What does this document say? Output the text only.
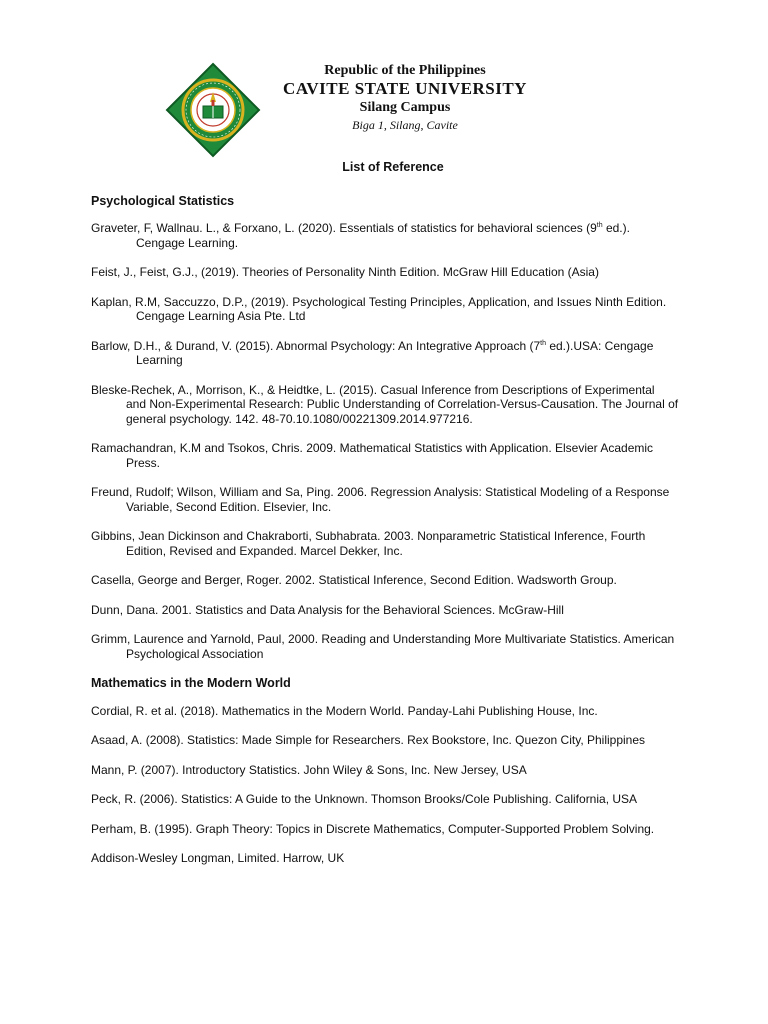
Republic of the Philippines
CAVITE STATE UNIVERSITY
Silang Campus
Biga 1, Silang, Cavite
List of Reference
Psychological Statistics
Graveter, F, Wallnau. L., & Forxano, L. (2020). Essentials of statistics for behavioral sciences (9th ed.).
Cengage Learning.
Feist, J., Feist, G.J., (2019). Theories of Personality Ninth Edition. McGraw Hill Education (Asia)
Kaplan, R.M, Saccuzzo, D.P., (2019). Psychological Testing Principles, Application, and Issues Ninth Edition.
Cengage Learning Asia Pte. Ltd
Barlow, D.H., & Durand, V. (2015). Abnormal Psychology: An Integrative Approach (7th ed.).USA: Cengage
Learning
Bleske-Rechek, A., Morrison, K., & Heidtke, L. (2015). Casual Inference from Descriptions of Experimental
and Non-Experimental Research: Public Understanding of Correlation-Versus-Causation. The Journal of general psychology. 142. 48-70.10.1080/00221309.2014.977216.
Ramachandran, K.M and Tsokos, Chris. 2009. Mathematical Statistics with Application. Elsevier Academic
Press.
Freund, Rudolf; Wilson, William and Sa, Ping. 2006. Regression Analysis: Statistical Modeling of a Response
Variable, Second Edition. Elsevier, Inc.
Gibbins, Jean Dickinson and Chakraborti, Subhabrata. 2003. Nonparametric Statistical Inference, Fourth
Edition, Revised and Expanded. Marcel Dekker, Inc.
Casella, George and Berger, Roger. 2002. Statistical Inference, Second Edition. Wadsworth Group.
Dunn, Dana. 2001. Statistics and Data Analysis for the Behavioral Sciences. McGraw-Hill
Grimm, Laurence and Yarnold, Paul, 2000. Reading and Understanding More Multivariate Statistics. American
Psychological Association
Mathematics in the Modern World
Cordial, R. et al. (2018). Mathematics in the Modern World. Panday-Lahi Publishing House, Inc.
Asaad, A. (2008). Statistics: Made Simple for Researchers. Rex Bookstore, Inc. Quezon City, Philippines
Mann, P. (2007). Introductory Statistics. John Wiley & Sons, Inc. New Jersey, USA
Peck, R. (2006). Statistics: A Guide to the Unknown. Thomson Brooks/Cole Publishing. California, USA
Perham, B. (1995). Graph Theory: Topics in Discrete Mathematics, Computer-Supported Problem Solving.
Addison-Wesley Longman, Limited. Harrow, UK
